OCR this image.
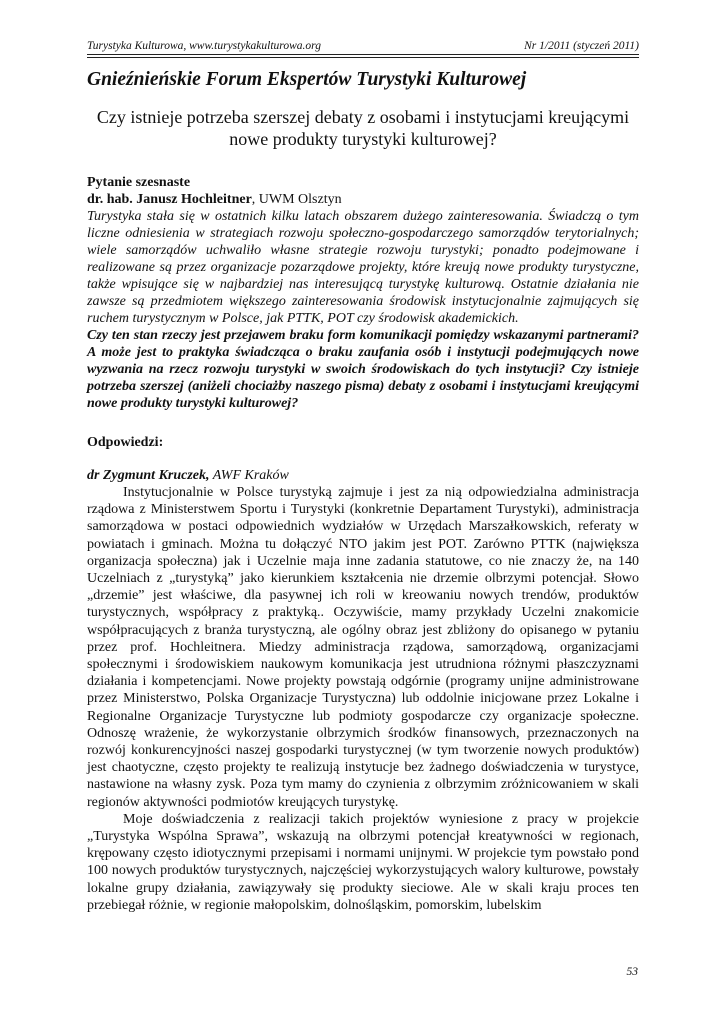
Turystyka Kulturowa, www.turystykakulturowa.org	Nr 1/2011 (styczeń 2011)
Gnieźnieńskie Forum Ekspertów Turystyki Kulturowej

Czy istnieje potrzeba szerszej debaty z osobami i instytucjami kreującymi nowe produkty turystyki kulturowej?

Pytanie szesnaste
dr. hab. Janusz Hochleitner, UWM Olsztyn
Turystyka stała się w ostatnich kilku latach obszarem dużego zainteresowania. Świadczą o tym liczne odniesienia w strategiach rozwoju społeczno-gospodarczego samorządów terytorialnych; wiele samorządów uchwaliło własne strategie rozwoju turystyki; ponadto podejmowane i realizowane są przez organizacje pozarządowe projekty, które kreują nowe produkty turystyczne, także wpisujące się w najbardziej nas interesującą turystykę kulturową. Ostatnie działania nie zawsze są przedmiotem większego zainteresowania środowisk instytucjonalnie zajmujących się ruchem turystycznym w Polsce, jak PTTK, POT czy środowisk akademickich.
Czy ten stan rzeczy jest przejawem braku form komunikacji pomiędzy wskazanymi partnerami? A może jest to praktyka świadcząca o braku zaufania osób i instytucji podejmujących nowe wyzwania na rzecz rozwoju turystyki w swoich środowiskach do tych instytucji? Czy istnieje potrzeba szerszej (aniżeli chociażby naszego pisma) debaty z osobami i instytucjami kreującymi nowe produkty turystyki kulturowej?
Odpowiedzi:
dr Zygmunt Kruczek, AWF Kraków

Instytucjonalnie w Polsce turystyką zajmuje i jest za nią odpowiedzialna administracja rządowa z Ministerstwem Sportu i Turystyki (konkretnie Departament Turystyki), administracja samorządowa w postaci odpowiednich wydziałów w Urzędach Marszałkowskich, referaty w powiatach i gminach. Można tu dołączyć NTO jakim jest POT. Zarówno PTTK (największa organizacja społeczna) jak i Uczelnie maja inne zadania statutowe, co nie znaczy że, na 140 Uczelniach z „turystyką” jako kierunkiem kształcenia nie drzemie olbrzymi potencjał. Słowo „drzemie” jest właściwe, dla pasywnej ich roli w kreowaniu nowych trendów, produktów turystycznych, współpracy z praktyką.. Oczywiście, mamy przykłady Uczelni znakomicie współpracujących z branża turystyczną, ale ogólny obraz jest zbliżony do opisanego w pytaniu przez prof. Hochleitnera. Miedzy administracja rządowa, samorządową, organizacjami społecznymi i środowiskiem naukowym komunikacja jest utrudniona różnymi płaszczyznami działania i kompetencjami. Nowe projekty powstają odgórnie (programy unijne administrowane przez Ministerstwo, Polska Organizacje Turystyczna) lub oddolnie inicjowane przez Lokalne i Regionalne Organizacje Turystyczne lub podmioty gospodarcze czy organizacje społeczne. Odnoszę wrażenie, że wykorzystanie olbrzymich środków finansowych, przeznaczonych na rozwój konkurencyjności naszej gospodarki turystycznej (w tym tworzenie nowych produktów) jest chaotyczne, często projekty te realizują instytucje bez żadnego doświadczenia w turystyce, nastawione na własny zysk. Poza tym mamy do czynienia z olbrzymim zróżnicowaniem w skali regionów aktywności podmiotów kreujących turystykę.

Moje doświadczenia z realizacji takich projektów wyniesione z pracy w projekcie „Turystyka Wspólna Sprawa”, wskazują na olbrzymi potencjał kreatywności w regionach, krępowany często idiotycznymi przepisami i normami unijnymi. W projekcie tym powstało pond 100 nowych produktów turystycznych, najczęściej wykorzystujących walory kulturowe, powstały lokalne grupy działania, zawiązywały się produkty sieciowe. Ale w skali kraju proces ten przebiegał różnie, w regionie małopolskim, dolnośląskim, pomorskim, lubelskim

53
